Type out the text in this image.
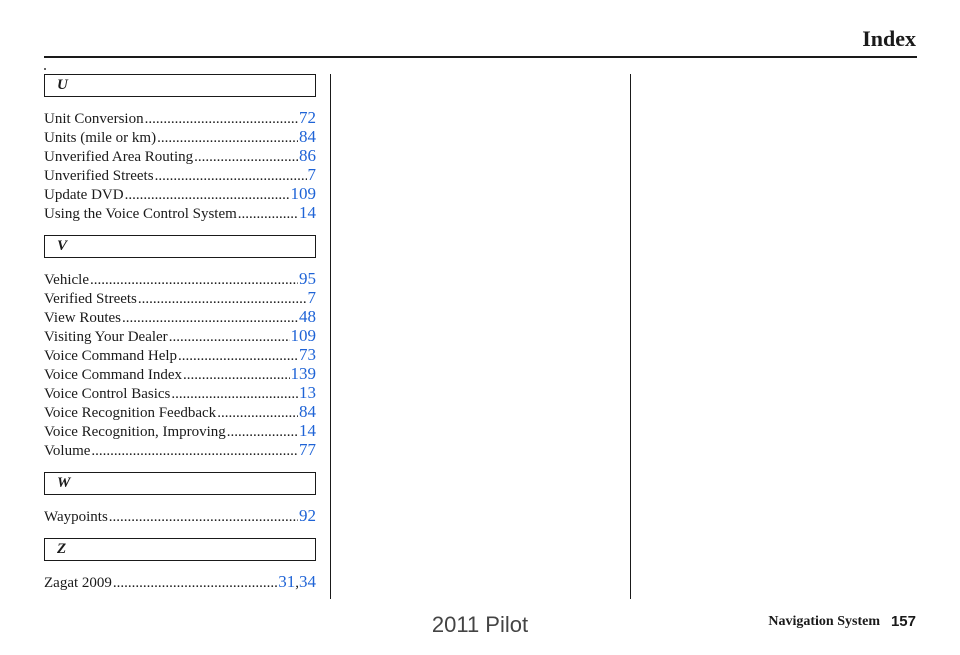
Index
U
Unit Conversion .....	72
Units (mile or km) .....	84
Unverified Area Routing .....	86
Unverified Streets .....	7
Update DVD .....	109
Using the Voice Control System .....	14
V
Vehicle .....	95
Verified Streets .....	7
View Routes .....	48
Visiting Your Dealer .....	109
Voice Command Help .....	73
Voice Command Index .....	139
Voice Control Basics .....	13
Voice Recognition Feedback .....	84
Voice Recognition, Improving .....	14
Volume .....	77
W
Waypoints .....	92
Z
Zagat 2009 .....	31 , 34
Navigation System 157
2011 Pilot
